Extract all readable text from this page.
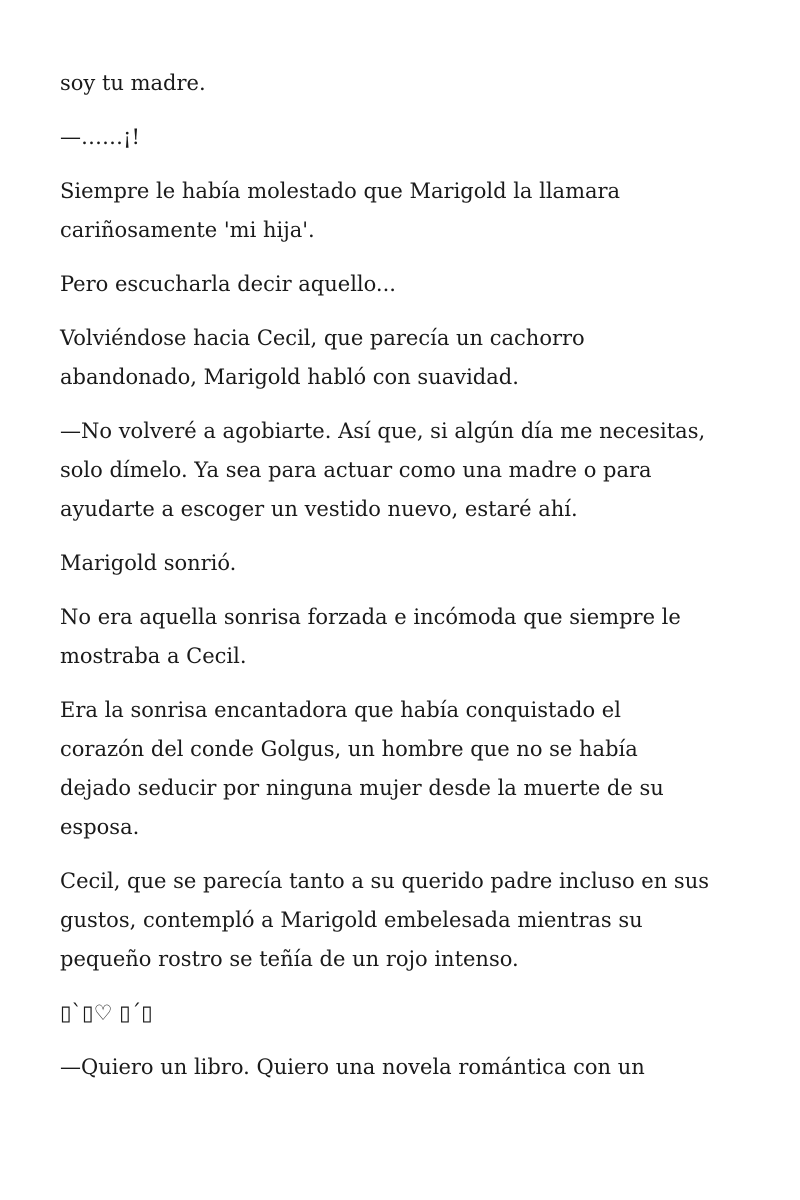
soy tu madre.

—……¡!

Siempre le había molestado que Marigold la llamara
cariñosamente 'mi hija'.

Pero escucharla decir aquello...

Volviéndose hacia Cecil, que parecía un cachorro
abandonado, Marigold habló con suavidad.

—No volveré a agobiarte. Así que, si algún día me necesitas,
solo dímelo. Ya sea para actuar como una madre o para
ayudarte a escoger un vestido nuevo, estaré ahí.

Marigold sonrió.

No era aquella sonrisa forzada e incómoda que siempre le
mostraba a Cecil.

Era la sonrisa encantadora que había conquistado el
corazón del conde Golgus, un hombre que no se había
dejado seducir por ninguna mujer desde la muerte de su
esposa.

Cecil, que se parecía tanto a su querido padre incluso en sus
gustos, contempló a Marigold embelesada mientras su
pequeño rostro se teñía de un rojo intenso.

▯`▯♡ ▯´▯

—Quiero un libro. Quiero una novela romántica con un
